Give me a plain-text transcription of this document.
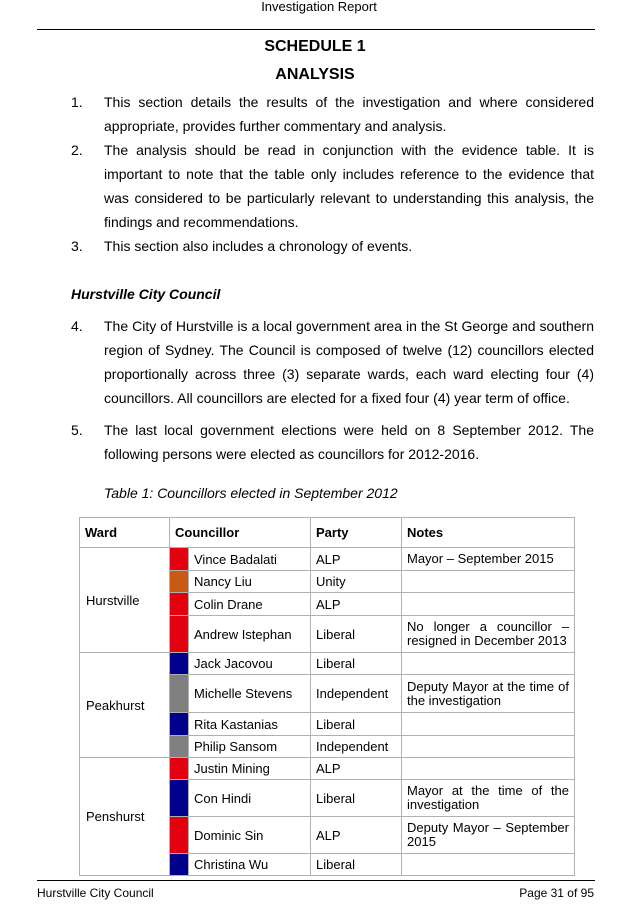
Investigation Report
SCHEDULE 1
ANALYSIS
1. This section details the results of the investigation and where considered appropriate, provides further commentary and analysis.
2. The analysis should be read in conjunction with the evidence table. It is important to note that the table only includes reference to the evidence that was considered to be particularly relevant to understanding this analysis, the findings and recommendations.
3. This section also includes a chronology of events.
Hurstville City Council
4. The City of Hurstville is a local government area in the St George and southern region of Sydney. The Council is composed of twelve (12) councillors elected proportionally across three (3) separate wards, each ward electing four (4) councillors. All councillors are elected for a fixed four (4) year term of office.
5. The last local government elections were held on 8 September 2012. The following persons were elected as councillors for 2012-2016.
Table 1: Councillors elected in September 2012
Ward	Councillor		Party	Notes
Hurstville		Vince Badalati	ALP	Mayor – September 2015
		Nancy Liu	Unity	
		Colin Drane	ALP	
		Andrew Istephan	Liberal	No longer a councillor – resigned in December 2013
Peakhurst		Jack Jacovou	Liberal	
		Michelle Stevens	Independent	Deputy Mayor at the time of the investigation
		Rita Kastanias	Liberal	
		Philip Sansom	Independent	
Penshurst		Justin Mining	ALP	
		Con Hindi	Liberal	Mayor at the time of the investigation
		Dominic Sin	ALP	Deputy Mayor – September 2015
		Christina Wu	Liberal	
Hurstville City Council	Page 31 of 95
